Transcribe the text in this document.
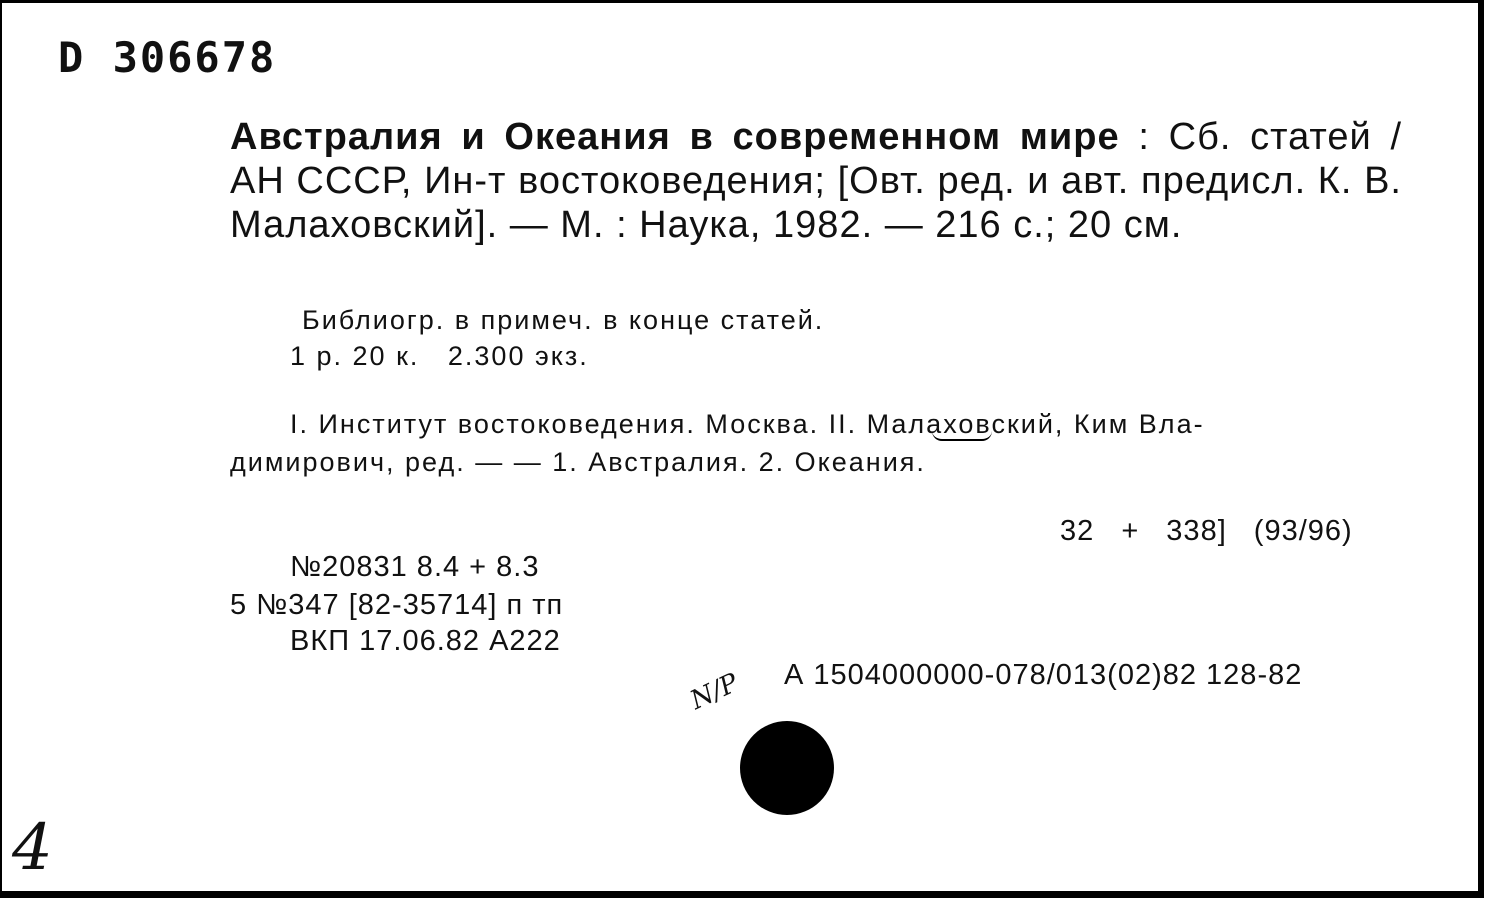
D 306678
Австралия и Океания в современном мире : Сб. статей / АН СССР, Ин-т востоковедения; [Овт. ред. и авт. предисл. К. В. Малаховский]. — М. : Наука, 1982. — 216 с.; 20 см.
Библиогр. в примеч. в конце статей.
1 р. 20 к.   2.300 экз.
I. Институт востоковедения. Москва. II. Малаховский, Ким Вла-
димирович, ред. — — 1. Австралия. 2. Океания.
32 + 338] (93/96)
№20831 8.4 + 8.3
5 №347 [82-35714] п тп
ВКП 17.06.82 А222
А 1504000000-078/013(02)82 128-82
N/Р
4
